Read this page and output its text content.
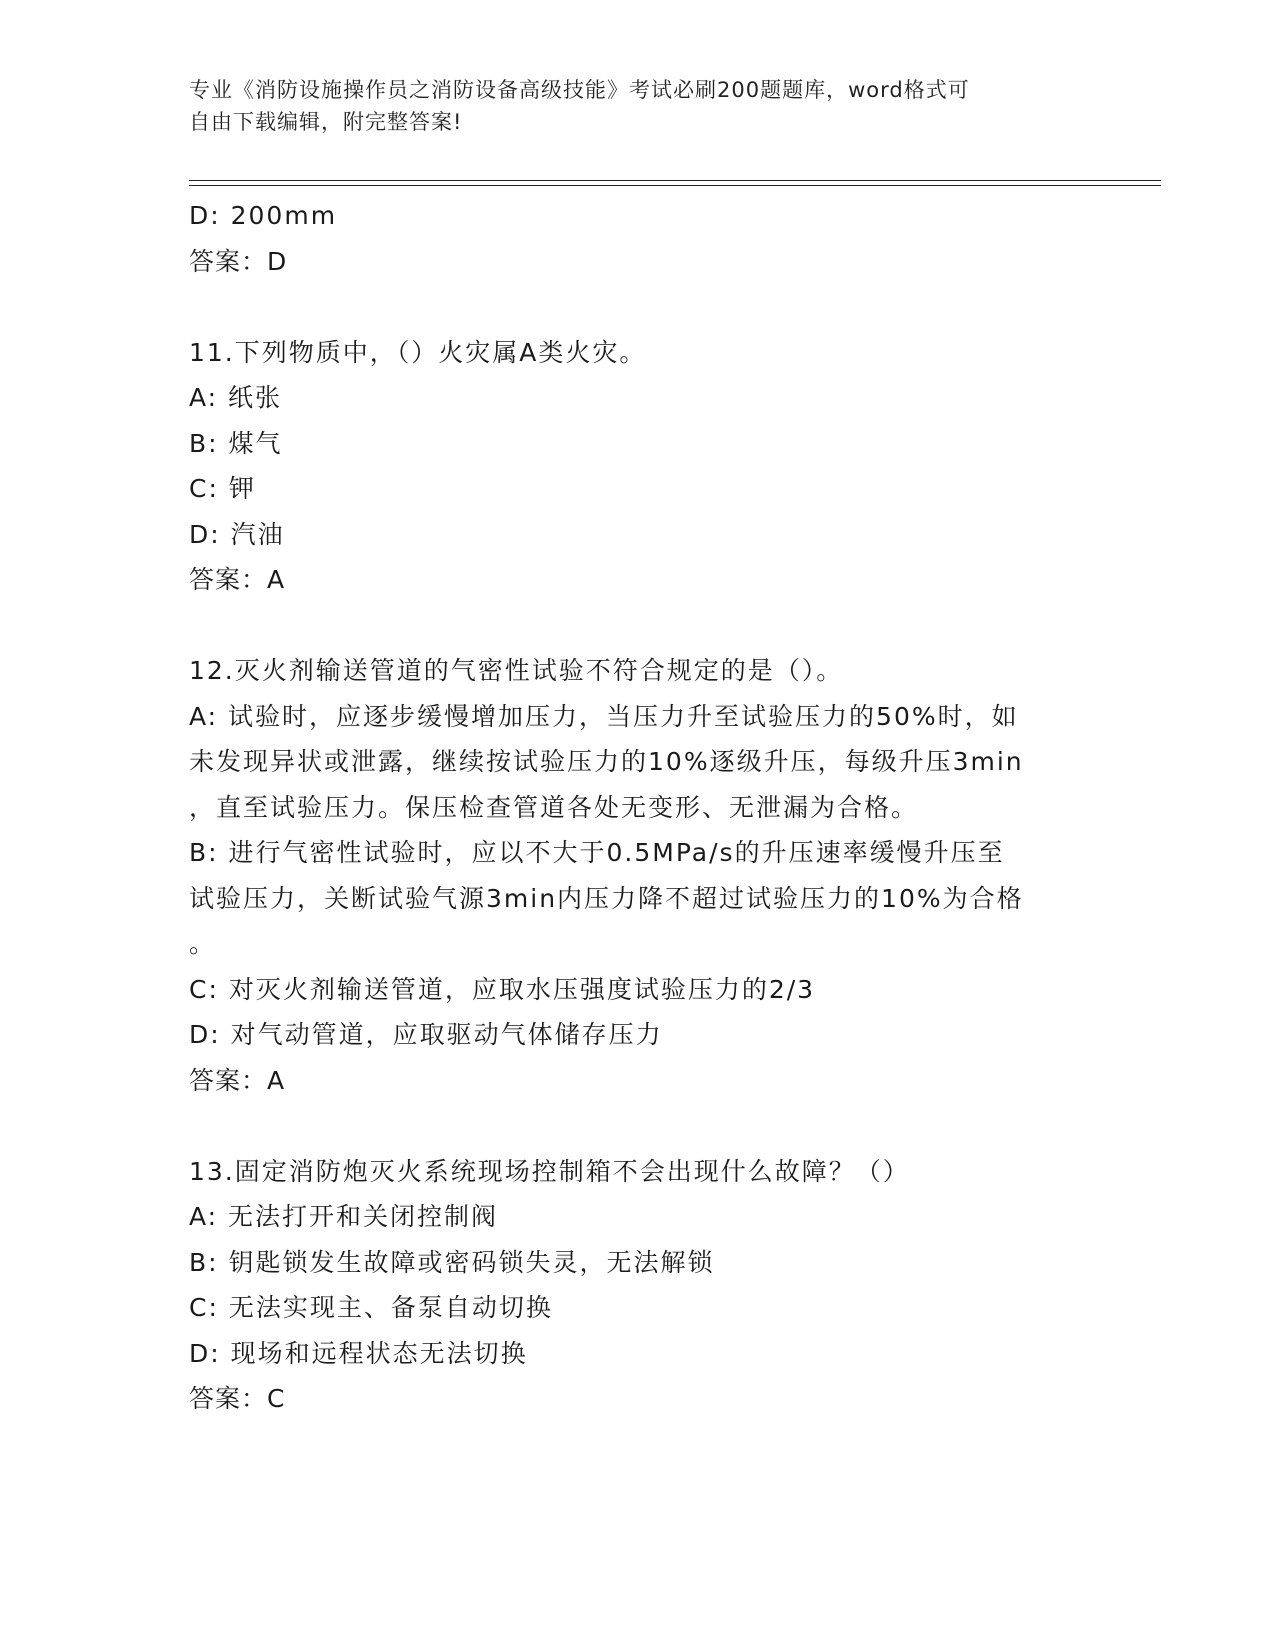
专业《消防设施操作员之消防设备高级技能》考试必刷200题题库，word格式可
自由下载编辑，附完整答案!
D: 200mm
答案：D
11.下列物质中，（）火灾属A类火灾。
A: 纸张
B: 煤气
C: 钾
D: 汽油
答案：A
12.灭火剂输送管道的气密性试验不符合规定的是（）。
A: 试验时，应逐步缓慢增加压力，当压力升至试验压力的50%时，如
未发现异状或泄露，继续按试验压力的10%逐级升压，每级升压3min
，直至试验压力。保压检查管道各处无变形、无泄漏为合格。
B: 进行气密性试验时，应以不大于0.5MPa/s的升压速率缓慢升压至
试验压力，关断试验气源3min内压力降不超过试验压力的10%为合格
。
C: 对灭火剂输送管道，应取水压强度试验压力的2/3
D: 对气动管道，应取驱动气体储存压力
答案：A
13.固定消防炮灭火系统现场控制箱不会出现什么故障？（）
A: 无法打开和关闭控制阀
B: 钥匙锁发生故障或密码锁失灵，无法解锁
C: 无法实现主、备泵自动切换
D: 现场和远程状态无法切换
答案：C
